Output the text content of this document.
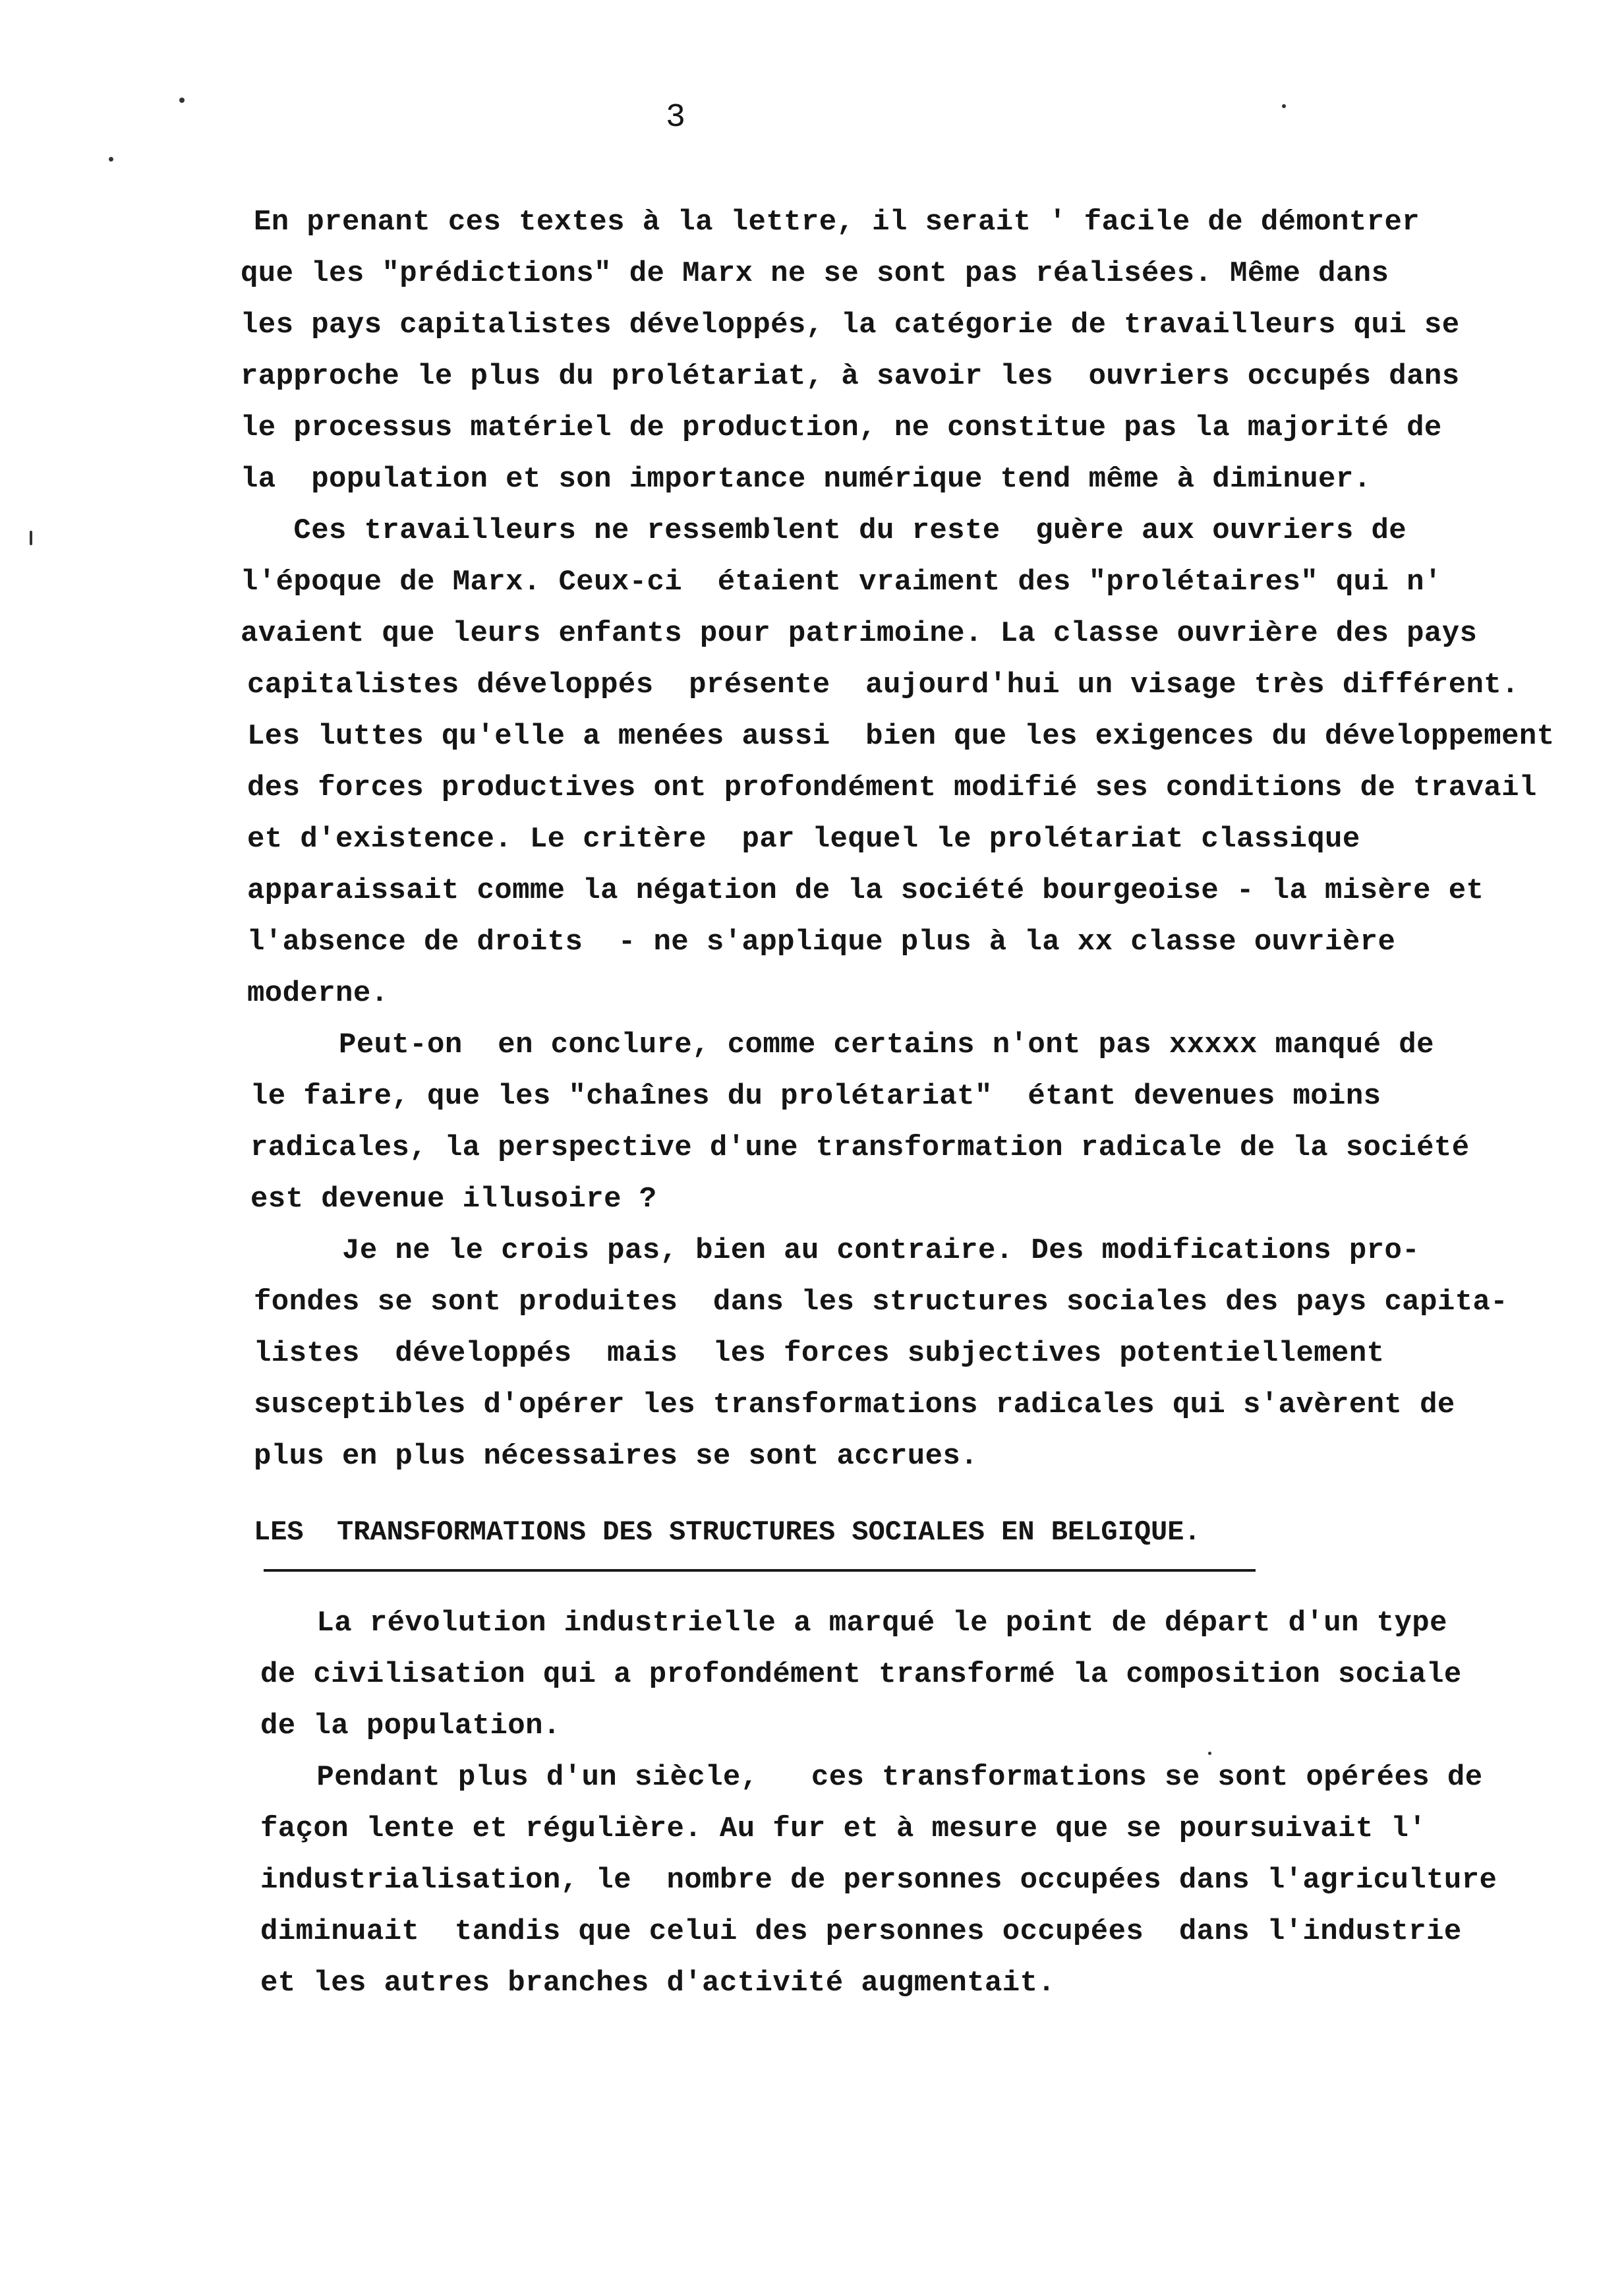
3
En prenant ces textes à la lettre, il serait ' facile de démontrer
que les "prédictions" de Marx ne se sont pas réalisées. Même dans
les pays capitalistes développés, la catégorie de travailleurs qui se
rapproche le plus du prolétariat, à savoir les  ouvriers occupés dans
le processus matériel de production, ne constitue pas la majorité de
la  population et son importance numérique tend même à diminuer.
Ces travailleurs ne ressemblent du reste  guère aux ouvriers de
l'époque de Marx. Ceux-ci  étaient vraiment des "prolétaires" qui n'
avaient que leurs enfants pour patrimoine. La classe ouvrière des pays
capitalistes développés  présente  aujourd'hui un visage très différent.
Les luttes qu'elle a menées aussi  bien que les exigences du développement
des forces productives ont profondément modifié ses conditions de travail
et d'existence. Le critère  par lequel le prolétariat classique
apparaissait comme la négation de la société bourgeoise - la misère et
l'absence de droits  - ne s'applique plus à la xx classe ouvrière
moderne.
Peut-on  en conclure, comme certains n'ont pas xxxxx manqué de
le faire, que les "chaînes du prolétariat"  étant devenues moins
radicales, la perspective d'une transformation radicale de la société
est devenue illusoire ?
Je ne le crois pas, bien au contraire. Des modifications pro-
fondes se sont produites  dans les structures sociales des pays capita-
listes  développés  mais  les forces subjectives potentiellement
susceptibles d'opérer les transformations radicales qui s'avèrent de
plus en plus nécessaires se sont accrues.
LES  TRANSFORMATIONS DES STRUCTURES SOCIALES EN BELGIQUE.
La révolution industrielle a marqué le point de départ d'un type
de civilisation qui a profondément transformé la composition sociale
de la population.
Pendant plus d'un siècle,   ces transformations se sont opérées de
façon lente et régulière. Au fur et à mesure que se poursuivait l'
industrialisation, le  nombre de personnes occupées dans l'agriculture
diminuait  tandis que celui des personnes occupées  dans l'industrie
et les autres branches d'activité augmentait.
